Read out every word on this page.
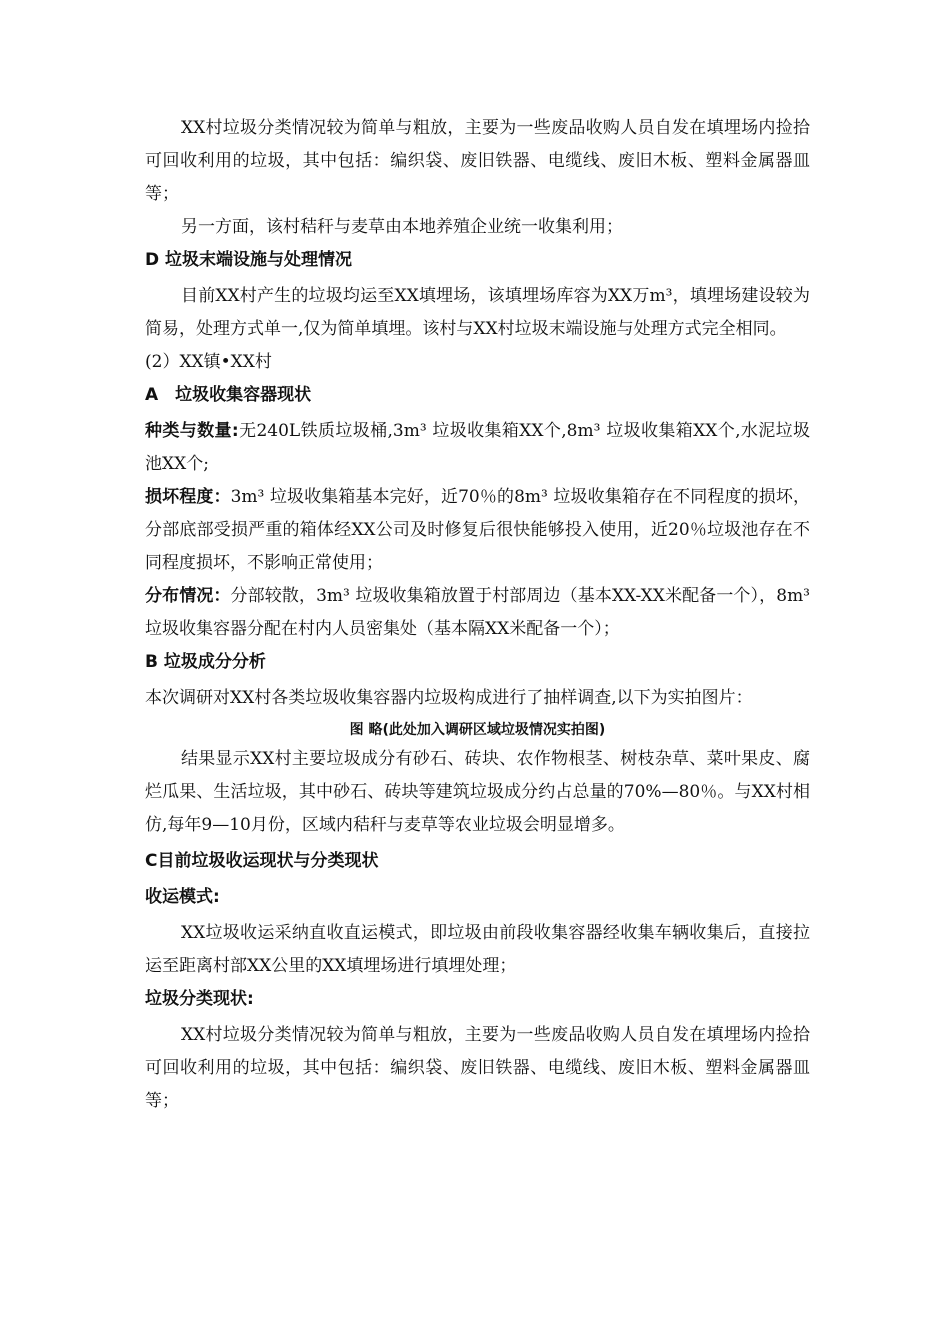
XX村垃圾分类情况较为简单与粗放，主要为一些废品收购人员自发在填埋场内捡拾可回收利用的垃圾，其中包括：编织袋、废旧铁器、电缆线、废旧木板、塑料金属器皿等；

另一方面，该村秸秆与麦草由本地养殖企业统一收集利用；

D 垃圾末端设施与处理情况

目前XX村产生的垃圾均运至XX填埋场，该填埋场库容为XX万m³，填埋场建设较为简易，处理方式单一,仅为简单填埋。该村与XX村垃圾末端设施与处理方式完全相同。

(2）XX镇•XX村

A　垃圾收集容器现状

种类与数量:无240L铁质垃圾桶,3m³ 垃圾收集箱XX个,8m³ 垃圾收集箱XX个,水泥垃圾池XX个;

损坏程度：3m³ 垃圾收集箱基本完好，近70％的8m³ 垃圾收集箱存在不同程度的损坏，分部底部受损严重的箱体经XX公司及时修复后很快能够投入使用，近20％垃圾池存在不同程度损坏，不影响正常使用；

分布情况：分部较散，3m³ 垃圾收集箱放置于村部周边（基本XX-XX米配备一个），8m³ 垃圾收集容器分配在村内人员密集处（基本隔XX米配备一个）；

B 垃圾成分分析

本次调研对XX村各类垃圾收集容器内垃圾构成进行了抽样调查,以下为实拍图片：

图 略(此处加入调研区域垃圾情况实拍图)

结果显示XX村主要垃圾成分有砂石、砖块、农作物根茎、树枝杂草、菜叶果皮、腐烂瓜果、生活垃圾，其中砂石、砖块等建筑垃圾成分约占总量的70%—80％。与XX村相仿,每年9—10月份，区域内秸秆与麦草等农业垃圾会明显增多。

C目前垃圾收运现状与分类现状

收运模式:

XX垃圾收运采纳直收直运模式，即垃圾由前段收集容器经收集车辆收集后，直接拉运至距离村部XX公里的XX填埋场进行填埋处理；

垃圾分类现状:

XX村垃圾分类情况较为简单与粗放，主要为一些废品收购人员自发在填埋场内捡拾可回收利用的垃圾，其中包括：编织袋、废旧铁器、电缆线、废旧木板、塑料金属器皿等；
